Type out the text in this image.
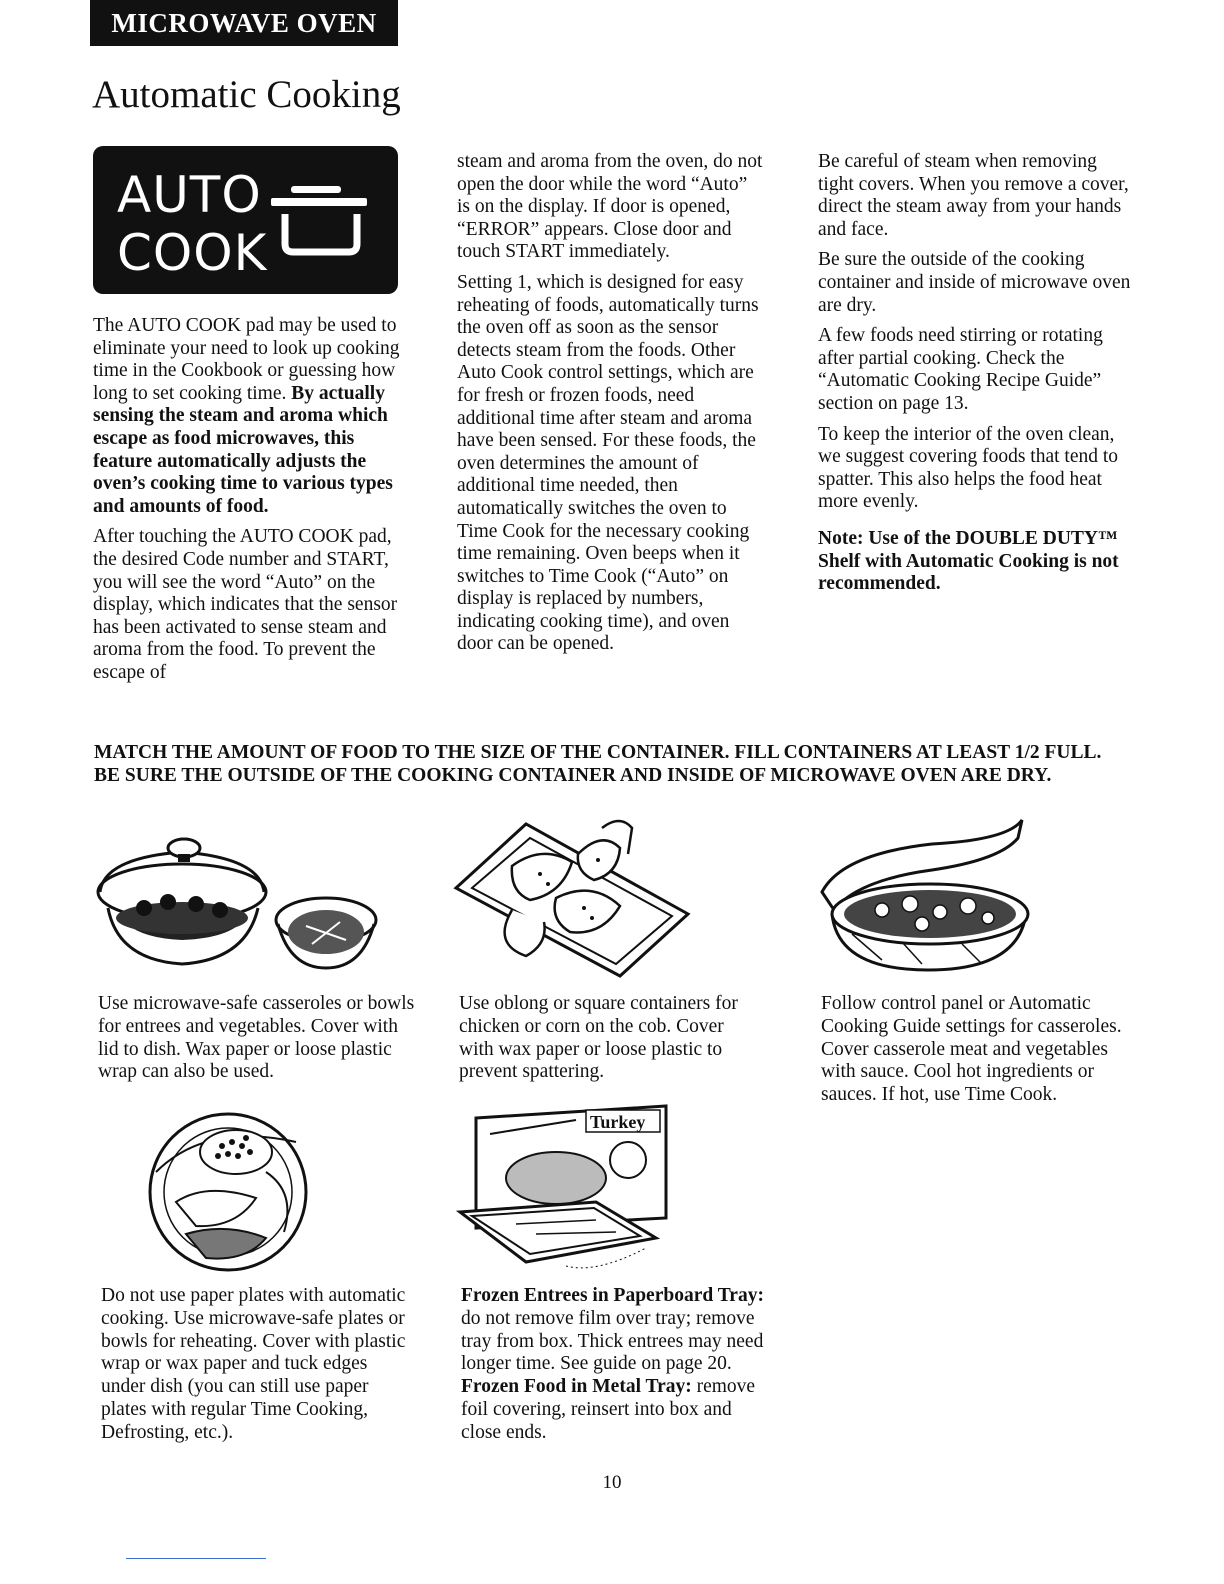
MICROWAVE OVEN
Automatic Cooking
AUTO
COOK

The AUTO COOK pad may be used to eliminate your need to look up cooking time in the Cookbook or guessing how long to set cooking time. By actually sensing the steam and aroma which escape as food microwaves, this feature automatically adjusts the oven’s cooking time to various types and amounts of food.

After touching the AUTO COOK pad, the desired Code number and START, you will see the word “Auto” on the display, which indicates that the sensor has been activated to sense steam and aroma from the food. To prevent the escape of

steam and aroma from the oven, do not open the door while the word “Auto” is on the display. If door is opened, “ERROR” appears. Close door and touch START immediately.

Setting 1, which is designed for easy reheating of foods, automatically turns the oven off as soon as the sensor detects steam from the foods. Other Auto Cook control settings, which are for fresh or frozen foods, need additional time after steam and aroma have been sensed. For these foods, the oven determines the amount of additional time needed, then automatically switches the oven to Time Cook for the necessary cooking time remaining. Oven beeps when it switches to Time Cook (“Auto” on display is replaced by numbers, indicating cooking time), and oven door can be opened.

Be careful of steam when removing tight covers. When you remove a cover, direct the steam away from your hands and face.

Be sure the outside of the cooking container and inside of microwave oven are dry.

A few foods need stirring or rotating after partial cooking. Check the “Automatic Cooking Recipe Guide” section on page 13.

To keep the interior of the oven clean, we suggest covering foods that tend to spatter. This also helps the food heat more evenly.

Note: Use of the DOUBLE DUTY™ Shelf with Automatic Cooking is not recommended.

MATCH THE AMOUNT OF FOOD TO THE SIZE OF THE CONTAINER. FILL CONTAINERS AT LEAST 1/2 FULL.
BE SURE THE OUTSIDE OF THE COOKING CONTAINER AND INSIDE OF MICROWAVE OVEN ARE DRY.
Use microwave-safe casseroles or bowls for entrees and vegetables. Cover with lid to dish. Wax paper or loose plastic wrap can also be used.
Use oblong or square containers for chicken or corn on the cob. Cover with wax paper or loose plastic to prevent spattering.
Follow control panel or Automatic Cooking Guide settings for casseroles. Cover casserole meat and vegetables with sauce. Cool hot ingredients or sauces. If hot, use Time Cook.
Turkey
Do not use paper plates with automatic cooking. Use microwave-safe plates or bowls for reheating. Cover with plastic wrap or wax paper and tuck edges under dish (you can still use paper plates with regular Time Cooking, Defrosting, etc.).
Frozen Entrees in Paperboard Tray: do not remove film over tray; remove tray from box. Thick entrees may need longer time. See guide on page 20. Frozen Food in Metal Tray: remove foil covering, reinsert into box and close ends.
10
